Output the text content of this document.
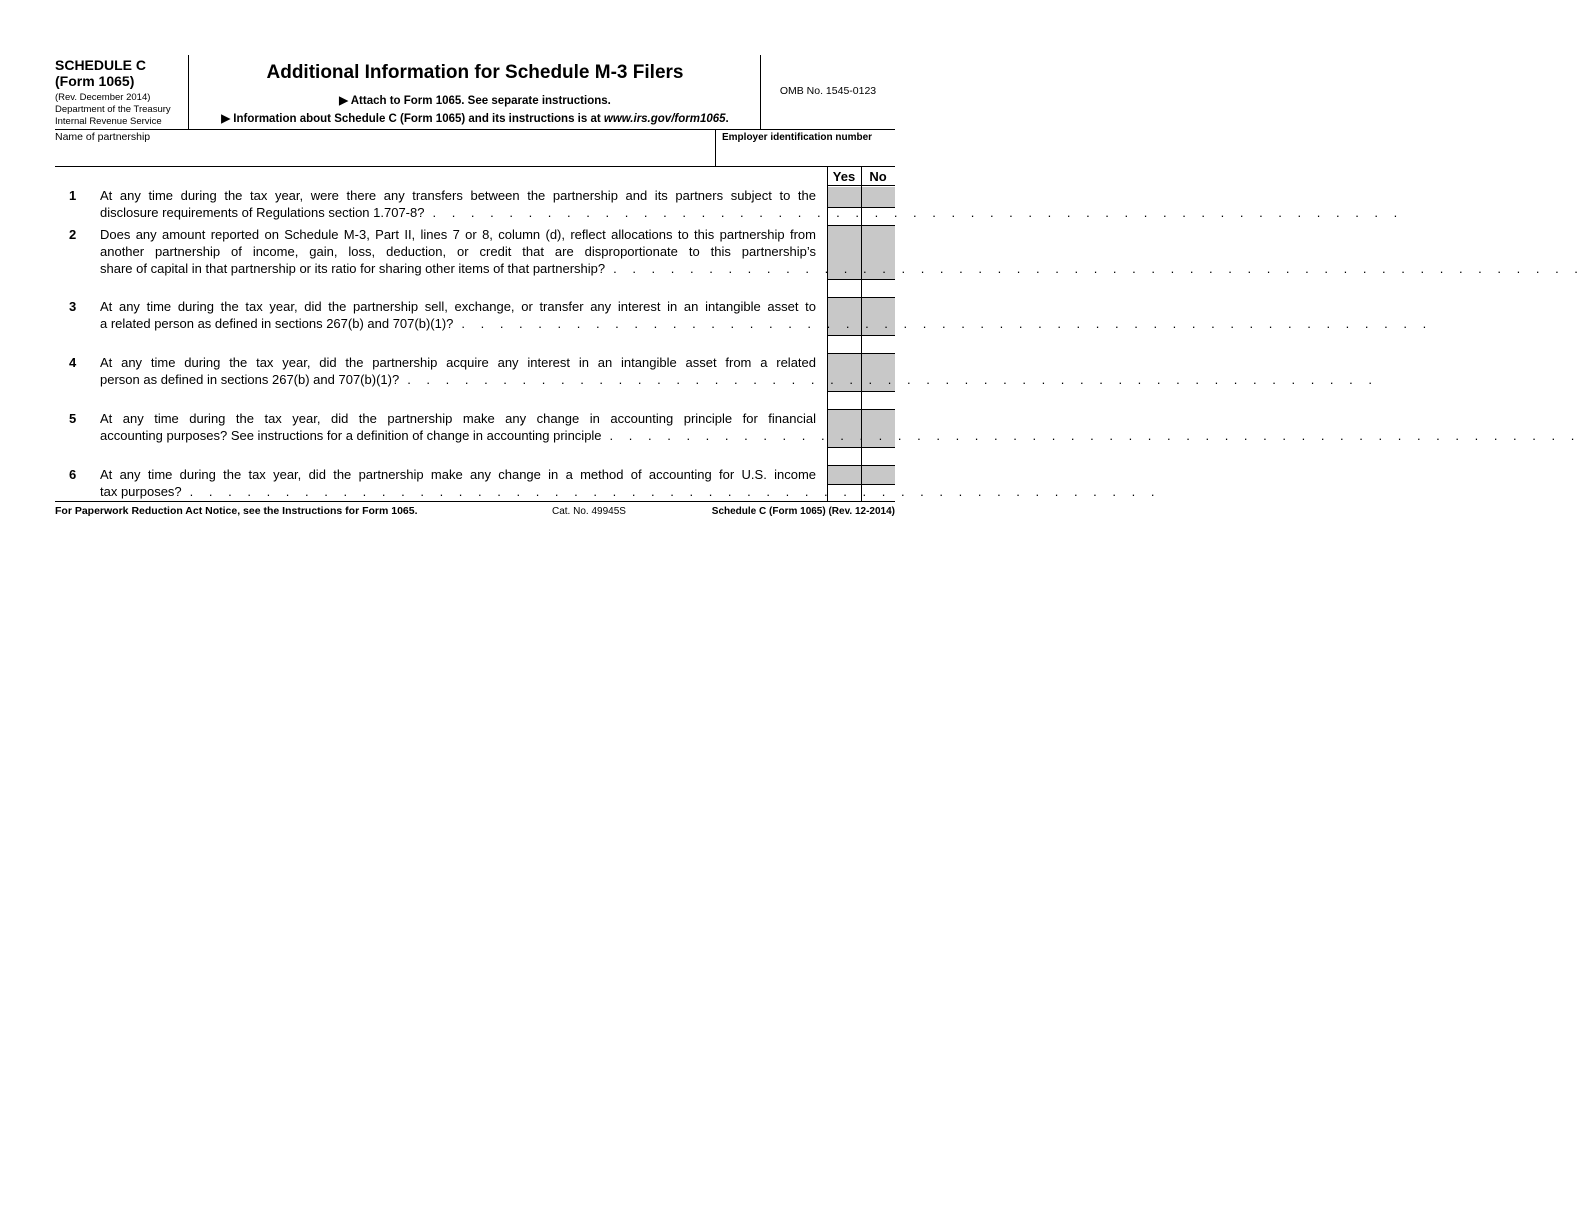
SCHEDULE C
(Form 1065)
(Rev. December 2014)
Department of the Treasury
Internal Revenue Service
Additional Information for Schedule M-3 Filers
▶ Attach to Form 1065. See separate instructions.
▶ Information about Schedule C (Form 1065) and its instructions is at www.irs.gov/form1065.
OMB No. 1545-0123
Name of partnership	Employer identification number
Yes	No
1 At any time during the tax year, were there any transfers between the partnership and its partners subject to the
disclosure requirements of Regulations section 1.707-8? . . . . . . . . . . . . . . . . . . . . . . . . . . . . . . . . . . . . . . . . . . . . . . . . . . .
2 Does any amount reported on Schedule M-3, Part II, lines 7 or 8, column (d), reflect allocations to this partnership from another partnership of income, gain, loss, deduction, or credit that are disproportionate to this partnership’s
share of capital in that partnership or its ratio for sharing other items of that partnership? . . . . . . . . . . . . . . . . . . . . . . . . . . . . . . . . . . . . . . . . . . . . . . . . . . .
3 At any time during the tax year, did the partnership sell, exchange, or transfer any interest in an intangible asset to
a related person as defined in sections 267(b) and 707(b)(1)? . . . . . . . . . . . . . . . . . . . . . . . . . . . . . . . . . . . . . . . . . . . . . . . . . . .
4 At any time during the tax year, did the partnership acquire any interest in an intangible asset from a related
person as defined in sections 267(b) and 707(b)(1)? . . . . . . . . . . . . . . . . . . . . . . . . . . . . . . . . . . . . . . . . . . . . . . . . . . .
5 At any time during the tax year, did the partnership make any change in accounting principle for financial
accounting purposes? See instructions for a definition of change in accounting principle . . . . . . . . . . . . . . . . . . . . . . . . . . . . . . . . . . . . . . . . . . . . . . . . . . .
6 At any time during the tax year, did the partnership make any change in a method of accounting for U.S. income
tax purposes? . . . . . . . . . . . . . . . . . . . . . . . . . . . . . . . . . . . . . . . . . . . . . . . . . . .
For Paperwork Reduction Act Notice, see the Instructions for Form 1065.	Cat. No. 49945S	Schedule C (Form 1065) (Rev. 12-2014)
